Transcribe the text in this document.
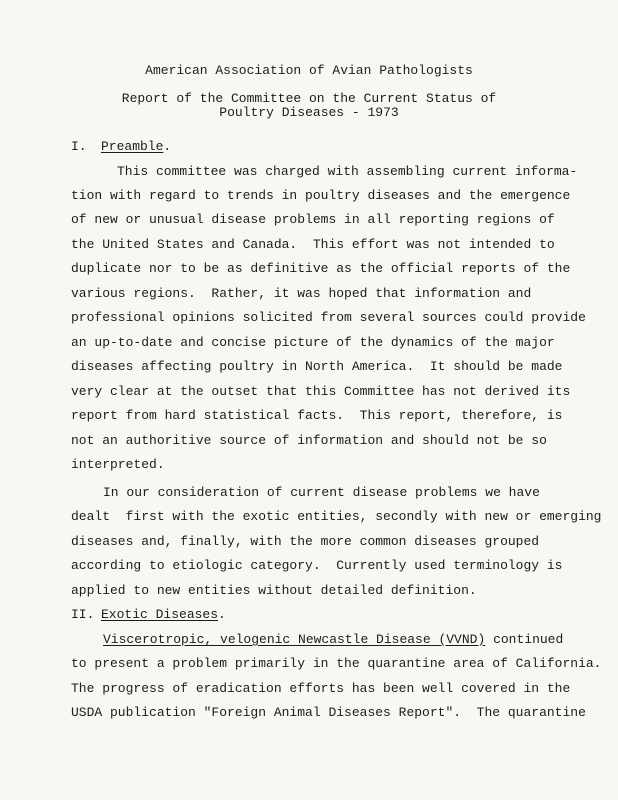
American Association of Avian Pathologists
Report of the Committee on the Current Status of
Poultry Diseases - 1973
I. Preamble.
This committee was charged with assembling current informa-
tion with regard to trends in poultry diseases and the emergence
of new or unusual disease problems in all reporting regions of
the United States and Canada.  This effort was not intended to
duplicate nor to be as definitive as the official reports of the
various regions.  Rather, it was hoped that information and
professional opinions solicited from several sources could provide
an up-to-date and concise picture of the dynamics of the major
diseases affecting poultry in North America.  It should be made
very clear at the outset that this Committee has not derived its
report from hard statistical facts.  This report, therefore, is
not an authoritive source of information and should not be so
interpreted.
In our consideration of current disease problems we have
dealt  first with the exotic entities, secondly with new or emerging
diseases and, finally, with the more common diseases grouped
according to etiologic category.  Currently used terminology is
applied to new entities without detailed definition.
II. Exotic Diseases.
Viscerotropic, velogenic Newcastle Disease (VVND) continued
to present a problem primarily in the quarantine area of California.
The progress of eradication efforts has been well covered in the
USDA publication "Foreign Animal Diseases Report".  The quarantine
